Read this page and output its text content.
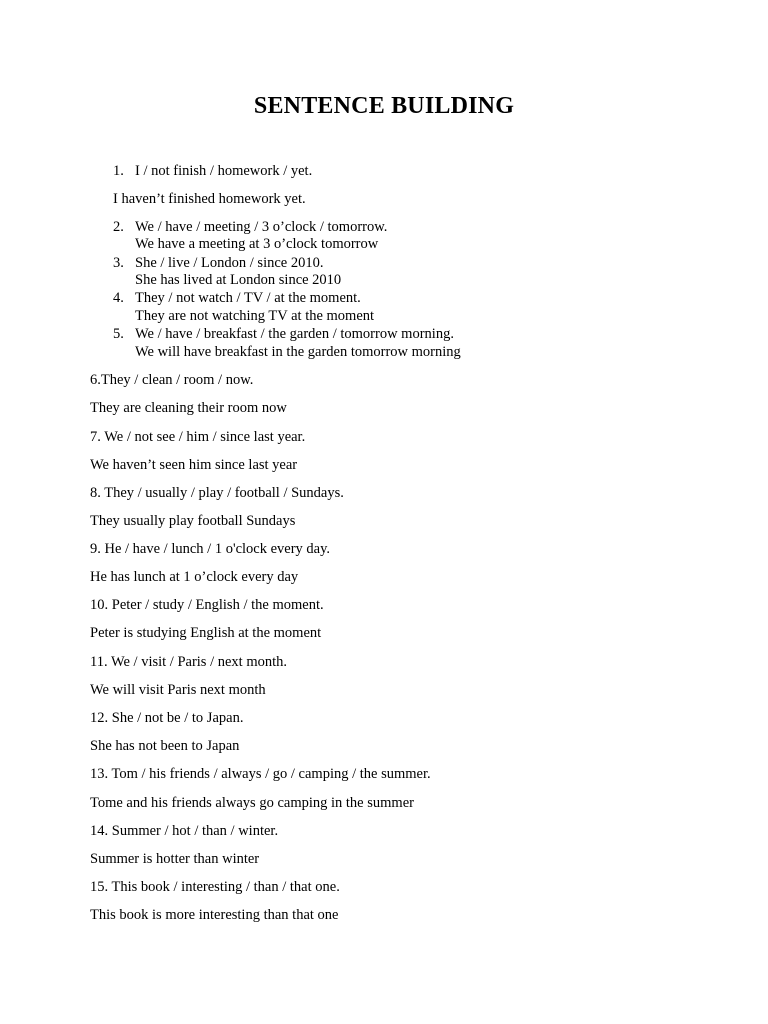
SENTENCE BUILDING
1. I / not finish / homework / yet.
I haven’t finished homework yet.
2. We / have / meeting / 3 o’clock / tomorrow.
We have a meeting at 3 o’clock tomorrow
3. She / live / London / since 2010.
She has lived at London since 2010
4. They / not watch / TV / at the moment.
They are not watching TV at the moment
5. We / have / breakfast / the garden / tomorrow morning.
We will have breakfast in the garden tomorrow morning
6.They / clean / room / now.
They are cleaning their room now
7. We / not see / him / since last year.
We haven’t seen him since last year
8. They / usually / play / football / Sundays.
They usually play football Sundays
9. He / have / lunch / 1 o'clock every day.
He has lunch at 1 o’clock every day
10. Peter / study / English / the moment.
Peter is studying English at the moment
11. We / visit / Paris / next month.
We will visit Paris next month
12. She / not be / to Japan.
She has not been to Japan
13. Tom / his friends / always / go / camping / the summer.
Tome and his friends always go camping in the summer
14. Summer / hot / than / winter.
Summer is hotter than winter
15. This book / interesting / than / that one.
This book is more interesting than that one
